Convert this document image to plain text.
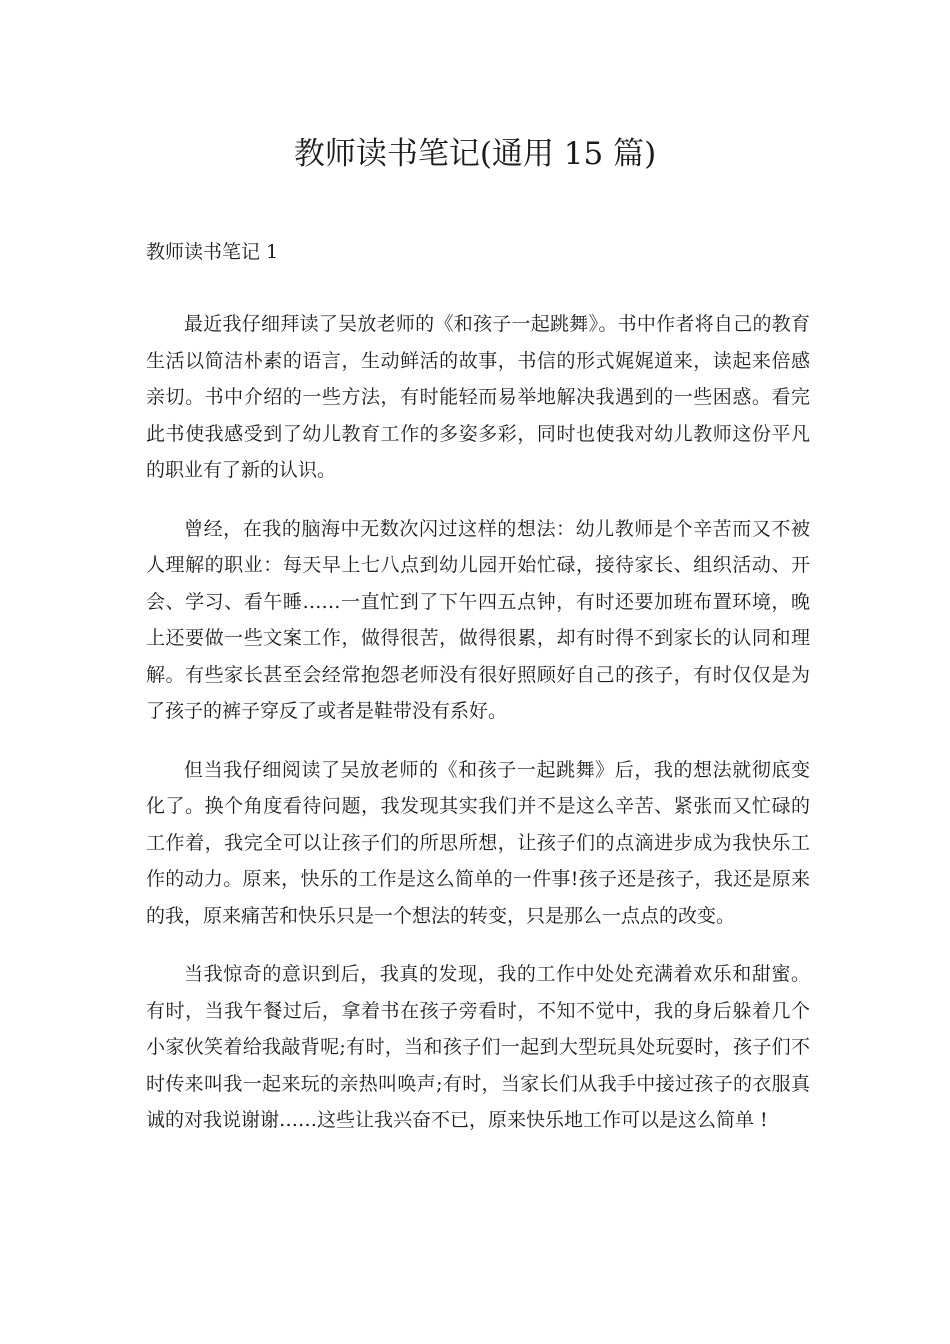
教师读书笔记(通用 15 篇)
教师读书笔记 1

最近我仔细拜读了吴放老师的《和孩子一起跳舞》。书中作者将自己的教育生活以简洁朴素的语言，生动鲜活的故事，书信的形式娓娓道来，读起来倍感亲切。书中介绍的一些方法，有时能轻而易举地解决我遇到的一些困惑。看完此书使我感受到了幼儿教育工作的多姿多彩，同时也使我对幼儿教师这份平凡的职业有了新的认识。

曾经，在我的脑海中无数次闪过这样的想法：幼儿教师是个辛苦而又不被人理解的职业：每天早上七八点到幼儿园开始忙碌，接待家长、组织活动、开会、学习、看午睡……一直忙到了下午四五点钟，有时还要加班布置环境，晚上还要做一些文案工作，做得很苦，做得很累，却有时得不到家长的认同和理解。有些家长甚至会经常抱怨老师没有很好照顾好自己的孩子，有时仅仅是为了孩子的裤子穿反了或者是鞋带没有系好。

但当我仔细阅读了吴放老师的《和孩子一起跳舞》后，我的想法就彻底变化了。换个角度看待问题，我发现其实我们并不是这么辛苦、紧张而又忙碌的工作着，我完全可以让孩子们的所思所想，让孩子们的点滴进步成为我快乐工作的动力。原来，快乐的工作是这么简单的一件事!孩子还是孩子，我还是原来的我，原来痛苦和快乐只是一个想法的转变，只是那么一点点的改变。

当我惊奇的意识到后，我真的发现，我的工作中处处充满着欢乐和甜蜜。有时，当我午餐过后，拿着书在孩子旁看时，不知不觉中，我的身后躲着几个小家伙笑着给我敲背呢;有时，当和孩子们一起到大型玩具处玩耍时，孩子们不时传来叫我一起来玩的亲热叫唤声;有时，当家长们从我手中接过孩子的衣服真诚的对我说谢谢……这些让我兴奋不已，原来快乐地工作可以是这么简单 !
